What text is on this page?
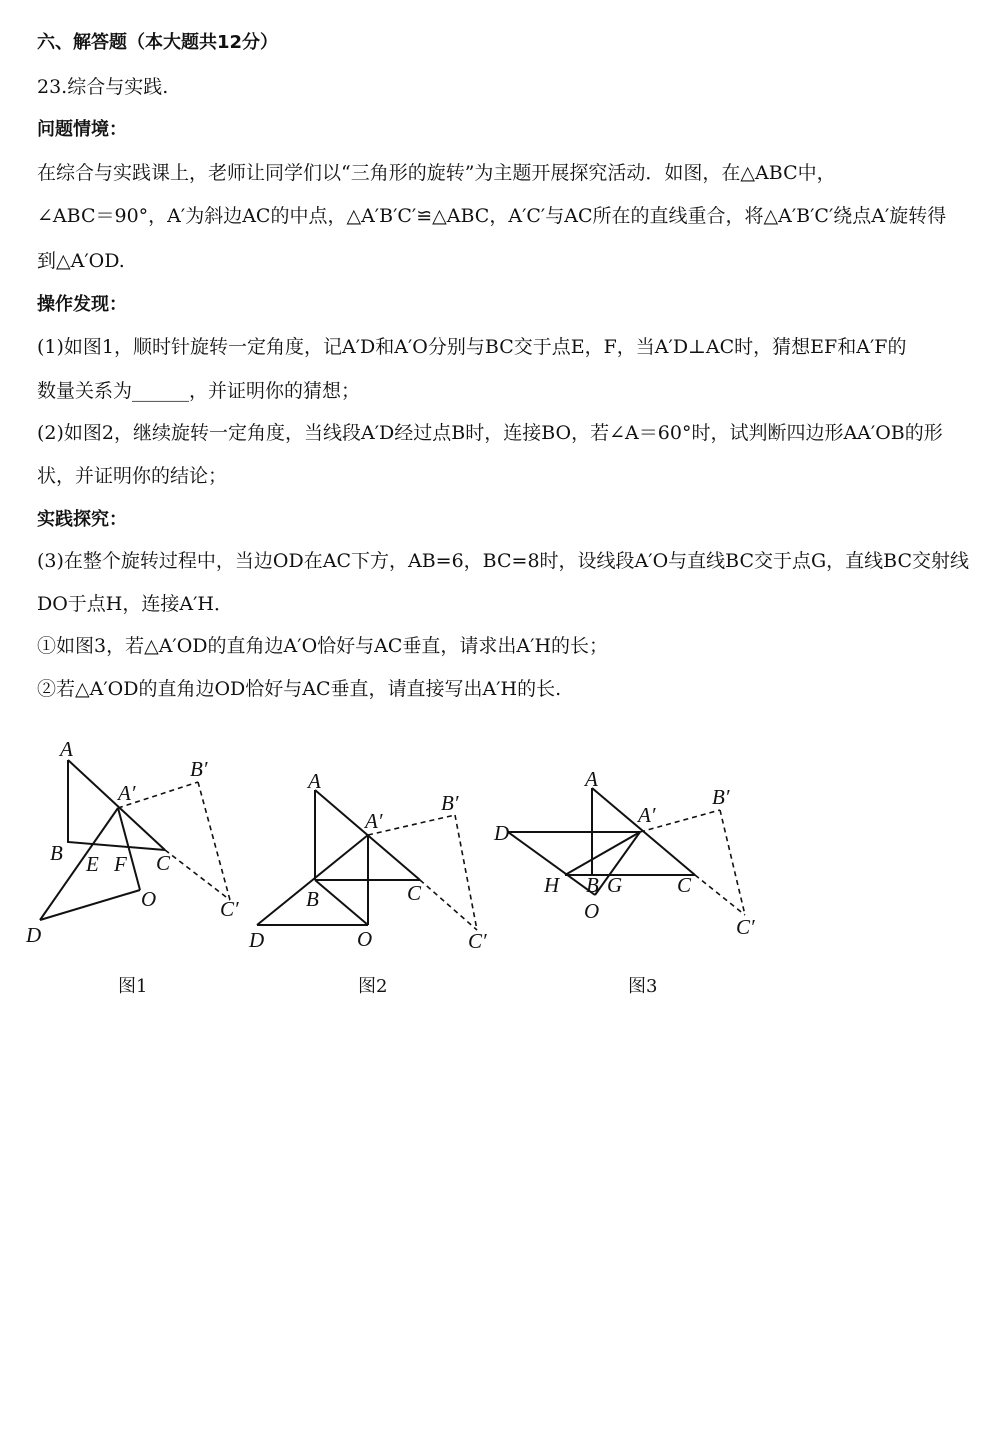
六、解答题（本大题共12分）
23.综合与实践.
问题情境：
在综合与实践课上，老师让同学们以“三角形的旋转”为主题开展探究活动．如图，在△ABC中，
∠ABC＝90°，A′为斜边AC的中点，△A′B′C′≌△ABC，A′C′与AC所在的直线重合，将△A′B′C′绕点A′旋转得
到△A′OD.
操作发现：
(1)如图1，顺时针旋转一定角度，记A′D和A′O分别与BC交于点E，F，当A′D⊥AC时，猜想EF和A′F的
数量关系为______，并证明你的猜想；
(2)如图2，继续旋转一定角度，当线段A′D经过点B时，连接BO，若∠A＝60°时，试判断四边形AA′OB的形
状，并证明你的结论；
实践探究：
(3)在整个旋转过程中，当边OD在AC下方，AB=6，BC=8时，设线段A′O与直线BC交于点G，直线BC交射线
DO于点H，连接A′H．
①如图3，若△A′OD的直角边A′O恰好与AC垂直，请求出A′H的长；
②若△A′OD的直角边OD恰好与AC垂直，请直接写出A′H的长.
A
A′
B′
B E F C
O	C′
D
图1
A
A′
B′
B	C
D	O	C′
图2
A
A′
B′
D
H B G	C
O
C′
图3
